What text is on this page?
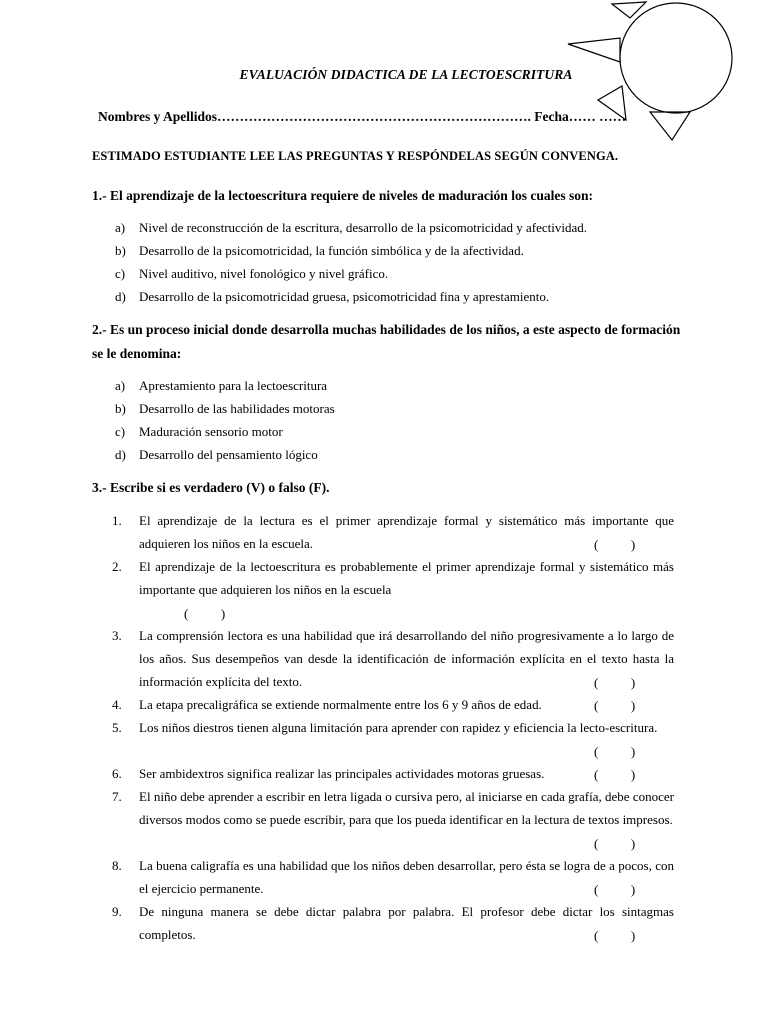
EVALUACIÓN DIDACTICA DE LA LECTOESCRITURA
Nombres y Apellidos……………………………………………………………. Fecha…… ……
ESTIMADO ESTUDIANTE LEE LAS PREGUNTAS Y RESPÓNDELAS SEGÚN CONVENGA.
1.- El aprendizaje de la lectoescritura requiere de niveles de maduración los cuales son:
a) Nivel de reconstrucción de la escritura, desarrollo de la psicomotricidad y afectividad.
b) Desarrollo de la psicomotricidad, la función simbólica y de la afectividad.
c) Nivel auditivo, nivel fonológico y nivel gráfico.
d) Desarrollo de la psicomotricidad gruesa, psicomotricidad fina y aprestamiento.
2.- Es un proceso inicial donde desarrolla muchas habilidades de los niños, a este aspecto de formación se le denomina:
a) Aprestamiento para la lectoescritura
b) Desarrollo de las habilidades motoras
c) Maduración sensorio motor
d) Desarrollo del pensamiento lógico
3.- Escribe si es verdadero (V) o falso (F).
1. El aprendizaje de la lectura es el primer aprendizaje formal y sistemático más importante que adquieren los niños en la escuela.
2. El aprendizaje de la lectoescritura es probablemente el primer aprendizaje formal y sistemático más importante que adquieren los niños en la escuela
3. La comprensión lectora es una habilidad que irá desarrollando del niño progresivamente a lo largo de los años. Sus desempeños van desde la identificación de información explícita en el texto hasta la información explícita del texto.
4. La etapa precaligráfica se extiende normalmente entre los 6 y 9 años de edad.
5. Los niños diestros tienen alguna limitación para aprender con rapidez y eficiencia la lecto-escritura.
6. Ser ambidextros significa realizar las principales actividades motoras gruesas.
7. El niño debe aprender a escribir en letra ligada o cursiva pero, al iniciarse en cada grafía, debe conocer diversos modos como se puede escribir, para que los pueda identificar en la lectura de textos impresos.
8. La buena caligrafía es una habilidad que los niños deben desarrollar, pero ésta se logra de a pocos, con el ejercicio permanente.
9. De ninguna manera se debe dictar palabra por palabra. El profesor debe dictar los sintagmas completos.
(          )
(          )
(          )
(          )
(          )
(          )
(          )
(          )
(          )
